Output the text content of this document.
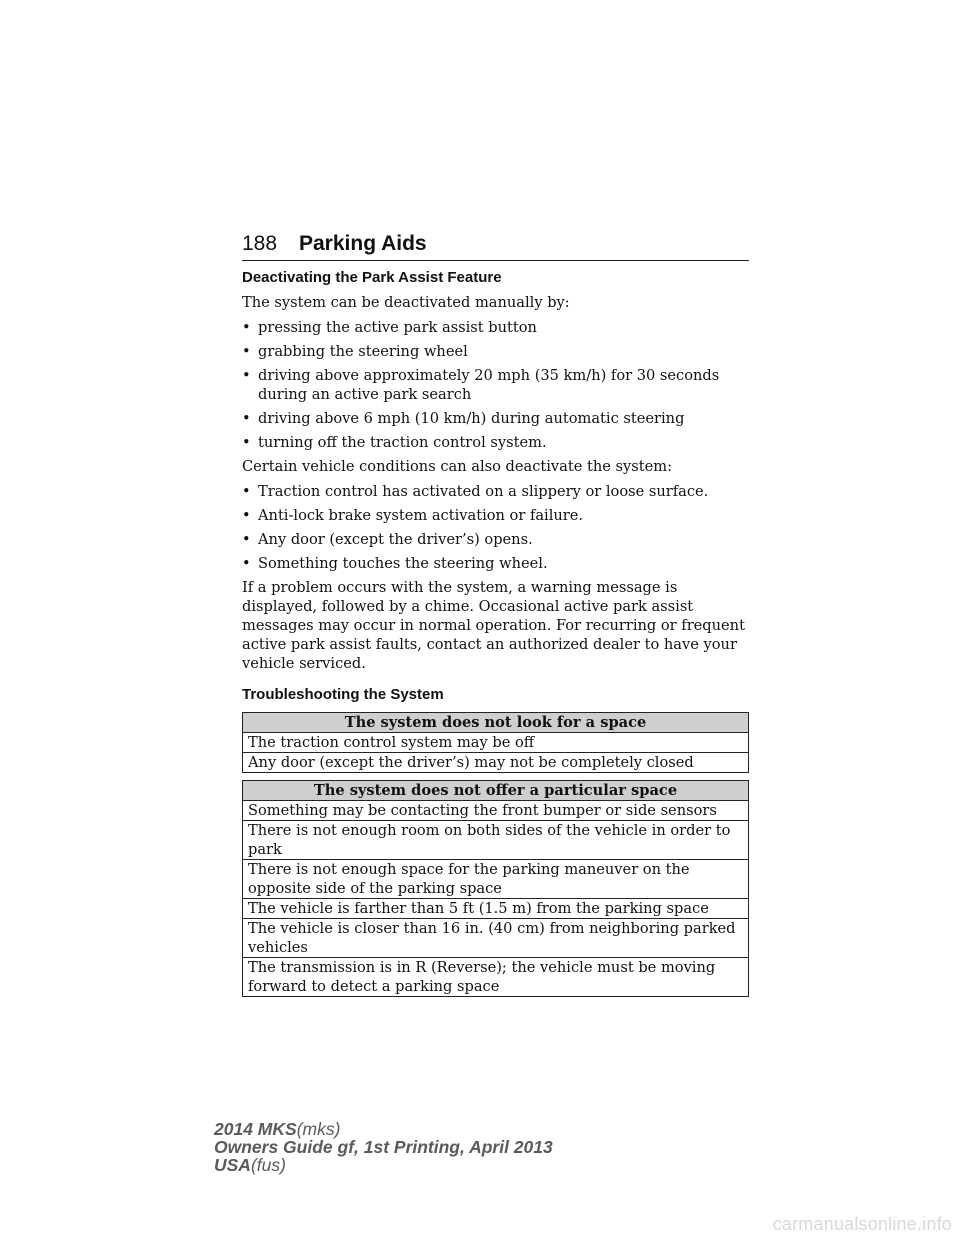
188 Parking Aids
Deactivating the Park Assist Feature

The system can be deactivated manually by:

• pressing the active park assist button
• grabbing the steering wheel
• driving above approximately 20 mph (35 km/h) for 30 seconds during an active park search
• driving above 6 mph (10 km/h) during automatic steering
• turning off the traction control system.

Certain vehicle conditions can also deactivate the system:

• Traction control has activated on a slippery or loose surface.
• Anti-lock brake system activation or failure.
• Any door (except the driver’s) opens.
• Something touches the steering wheel.

If a problem occurs with the system, a warning message is displayed, followed by a chime. Occasional active park assist messages may occur in normal operation. For recurring or frequent active park assist faults, contact an authorized dealer to have your vehicle serviced.

Troubleshooting the System
The system does not look for a space
The traction control system may be off
Any door (except the driver’s) may not be completely closed
The system does not offer a particular space
Something may be contacting the front bumper or side sensors
There is not enough room on both sides of the vehicle in order to park
There is not enough space for the parking maneuver on the opposite side of the parking space
The vehicle is farther than 5 ft (1.5 m) from the parking space
The vehicle is closer than 16 in. (40 cm) from neighboring parked vehicles
The transmission is in R (Reverse); the vehicle must be moving forward to detect a parking space
2014 MKS(mks)
Owners Guide gf, 1st Printing, April 2013
USA(fus)
carmanualsonline.info
